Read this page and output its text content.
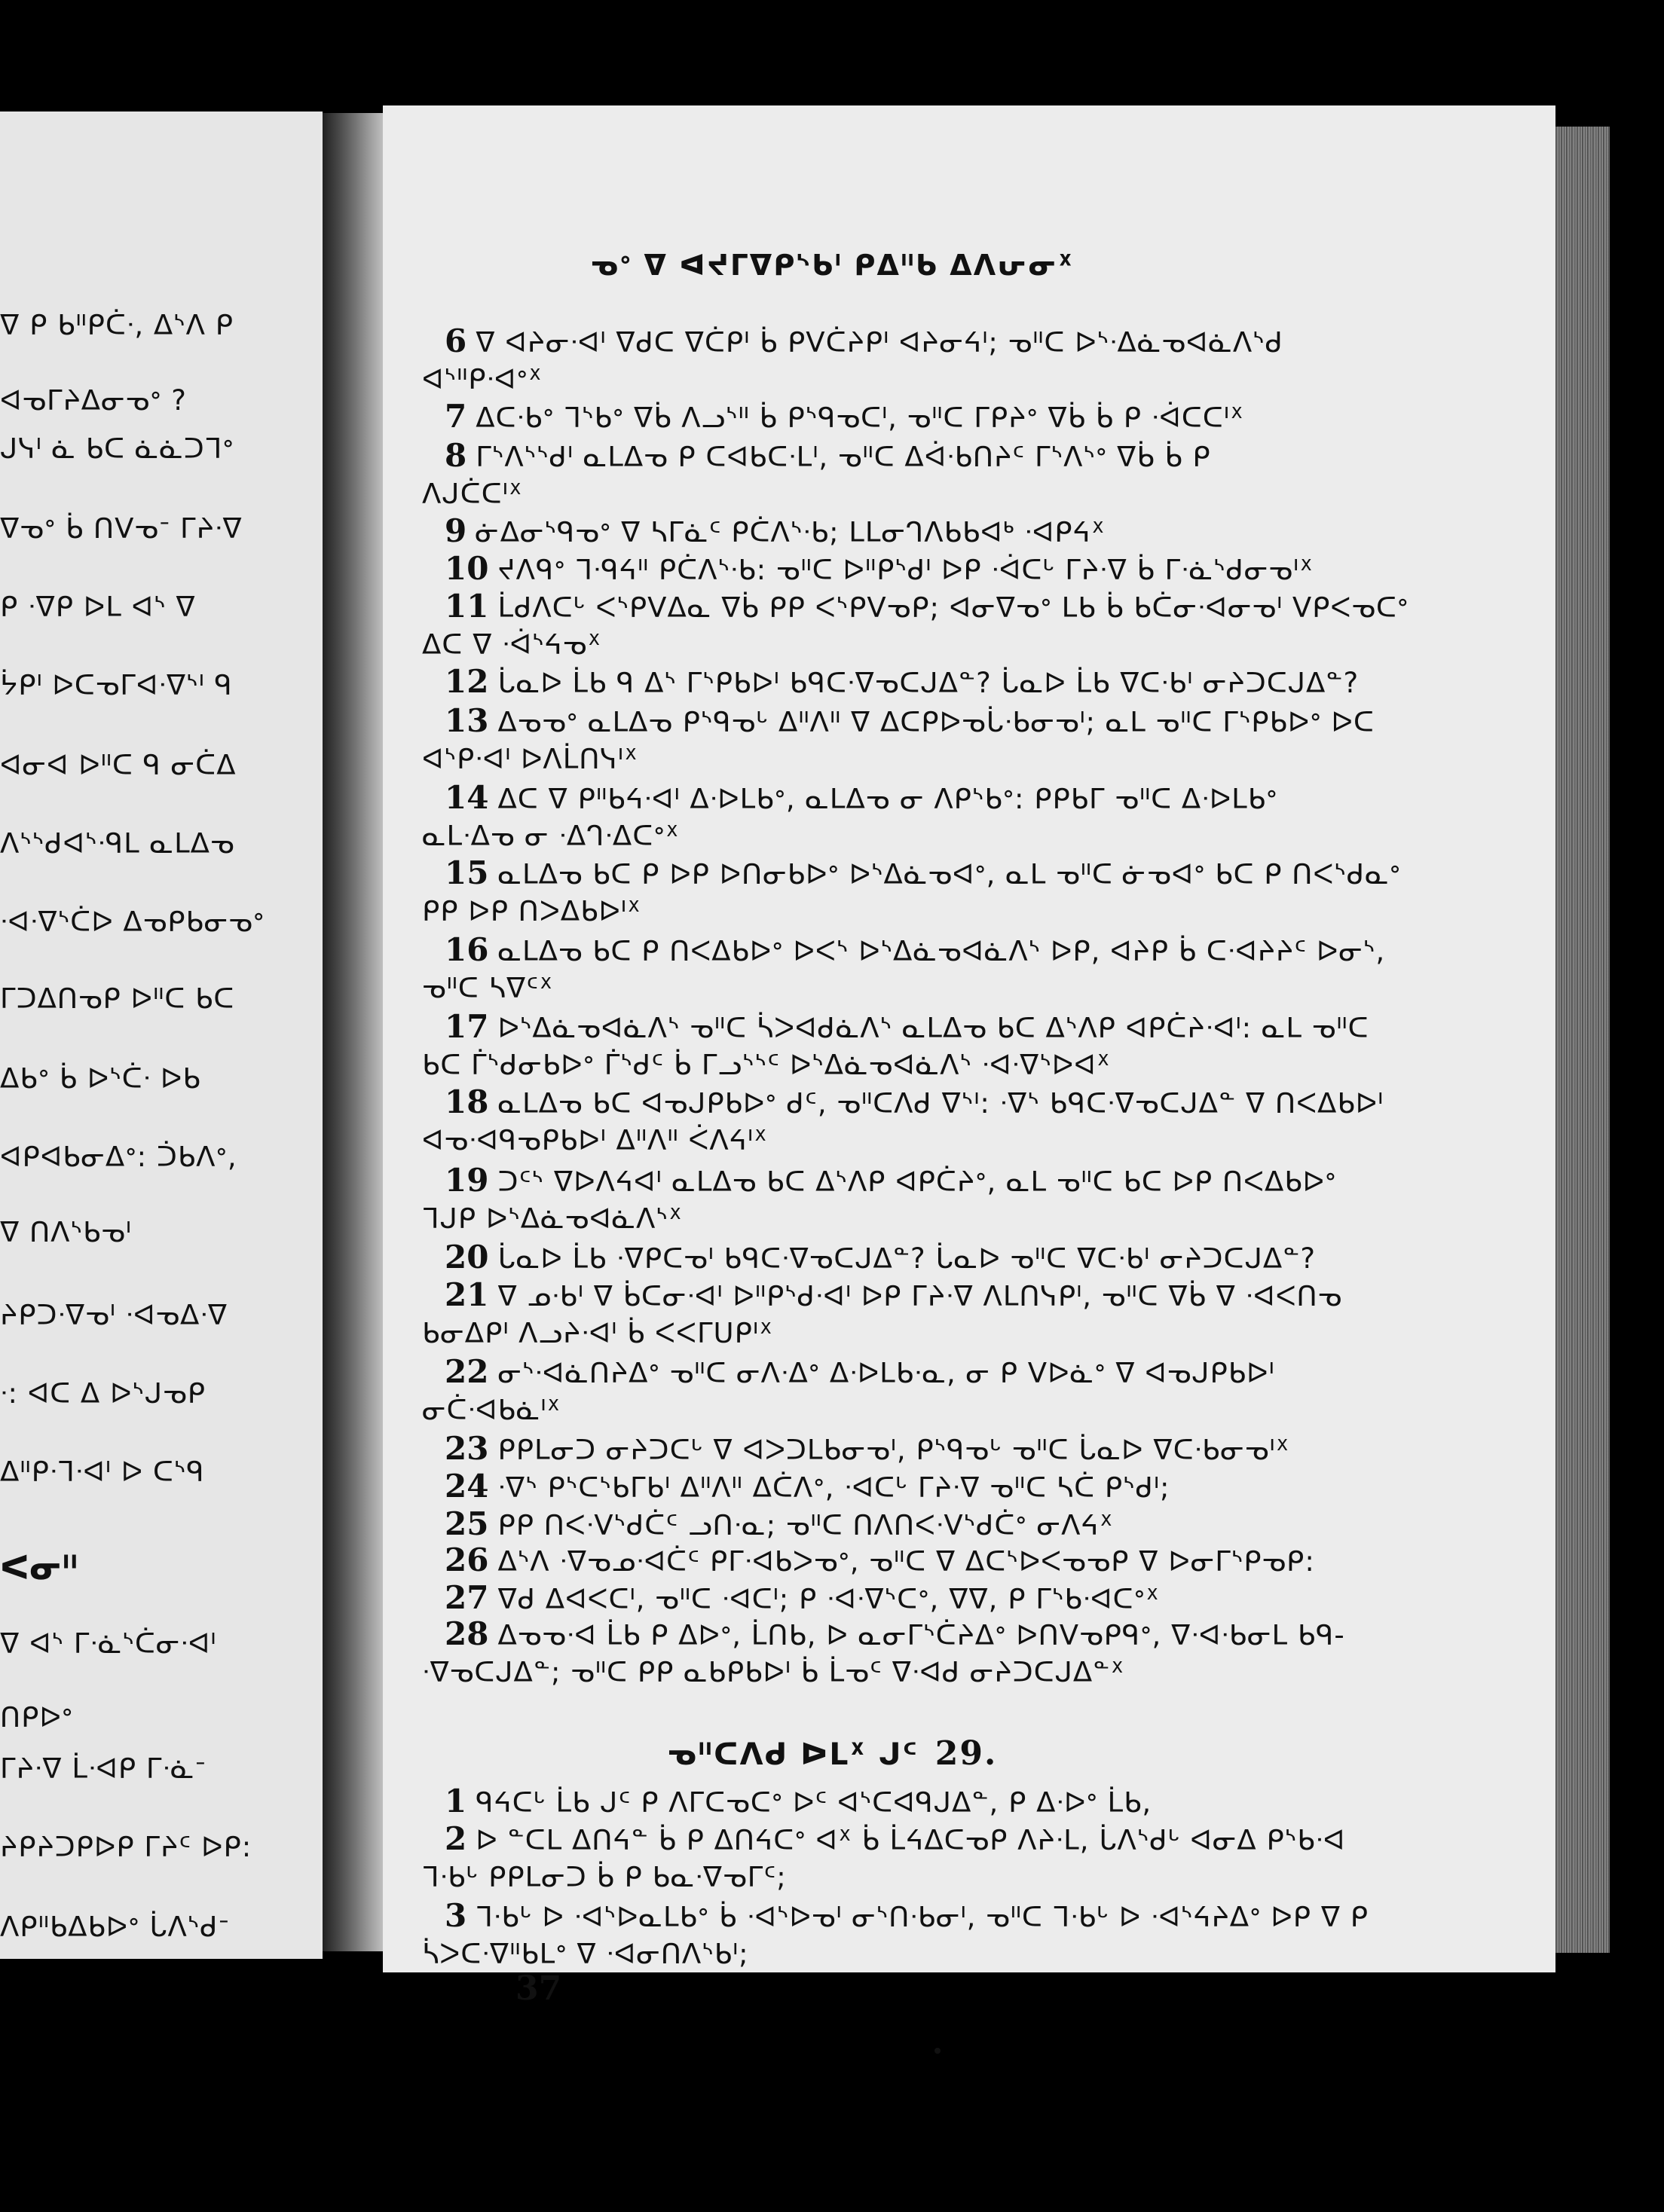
ᐁ ᑭ ᑲᐦᑭᑖᐧ, ᐃᔅᐱ ᑭ
ᐊᓀᒥᔨᐃᓂᓀᐤ ?
ᒍᓭᑊ ᓈ ᑲᑕ ᓈᓈᑐᒣᐤ
ᐁᓀᐤ ᑳ ᑎᐯᓀᐨ ᒥᔨᐧᐁ
ᑭ ᐧᐁᑭ ᐅᒪ ᐊᔅ ᐁ
ᔮᑭᑊ ᐅᑕᓀᒥᐊᐧᐁᔅᑊ ᑫ
ᐊᓂᐊ ᐅᐦᑕ ᑫ ᓂᑖᐃ
ᐱᔅᔅᑯᐊᔅᐧᑫᒪ ᓇᒪᐃᓀ
ᐧᐊᐧᐁᔅᑖᐅ ᐃᓀᑭᑲᓂᓀᐤ
ᒥᑐᐃᑎᓀᑭ ᐅᐦᑕ ᑲᑕ
ᐃᑲᐤ ᑳ ᐅᔅᑖᐧ ᐅᑲ
ᐊᑭᐊᑲᓂᐃᐤ: ᑑᑲᐱᐤ,
ᐁ ᑎᐱᔅᑲᓀᑊ
ᔨᑭᑐᐧᐁᓀᑊ ᐧᐊᓀᐃᐧᐁ
ᐧ: ᐊᑕ ᐃ ᐅᔅᒍᓀᑭ
ᐃᐦᑭᐧᒣᐧᐊᑊ ᐅ ᑕᔅᑫ
ᐸᓂᐦ
ᐁ ᐊᔅ ᒥᐧᓈᔅᑖᓂᐧᐊᑊ
ᑎᑭᐅᐤ
ᒥᔨᐧᐁ ᒫᐧᐊᑭ ᒥᐧᓈᐨ
ᔨᑭᔨᑐᑭᐅᑭ ᒥᔨᑦ ᐅᑭ:
ᐱᑭᐦᑲᐃᑲᐅᐤ ᒑᐱᔅᑯᐨ
ᓀᐤ ᐁ ᐊᔪᒥᐁᑭᔅᑲᑊ ᑭᐃᐦᑲ ᐃᐱᕂᓂᕽ
6 ᐁ ᐊᔨᓂᐧᐊᑊ ᐁᑯᑕ ᐁᑖᑭᑊ ᑳ ᑭᐯᑖᔨᑭᑊ ᐊᔨᓂᔦᑊ; ᓀᐦᑕ ᐅᔅᐧᐃᓈᓀᐊᓈᐱᔅᑯ
ᐊᔅᐦᑭᐧᐊᐤᕽ
7 ᐃᑕᐧᑲᐤ ᒣᔅᑲᐤ ᐁᑳ ᐱᓗᔅᐦ ᑳ ᑭᔅᑫᓀᑕᑊ, ᓀᐦᑕ ᒥᑭᔨᐤ ᐁᑳ ᑳ ᑭ ᐧᐋᑕᑕᑊᕽ
8 ᒥᔅᐱᔅᔅᑯᑊ ᓇᒪᐃᓀ ᑭ ᑕᐊᑲᑕᐧᒪᑊ, ᓀᐦᑕ ᐃᐋᐧᑲᑎᔨᑦ ᒥᔅᐱᔅᐤ ᐁᑳ ᑳ ᑭ
ᐱᒍᑖᑕᑊᕽ
9 ᓃᐃᓂᔅᑫᓀᐤ ᐁ ᓴᒥᓈᑦ ᑭᑖᐱᔅᐧᑲ; ᒪᒪᓂᒉᐱᑲᑲᐊᒃ ᐧᐊᑭᔦᕽ
10 ᔪᐱᑫᐤ ᒣᐧᑫᔦᐦ ᑭᑖᐱᔅᐧᑲ: ᓀᐦᑕ ᐅᐦᑭᔅᑯᑊ ᐅᑭ ᐧᐋᑕᒡ ᒥᔨᐧᐁ ᑳ ᒥᐧᓈᔅᑯᓂᓀᑊᕽ
11 ᒫᑯᐱᑕᒡ ᐸᔅᑭᐯᐃᓇ ᐁᑳ ᑭᑭ ᐸᔅᑭᐯᓀᑭ; ᐊᓂᐁᓀᐤ ᒪᑲ ᑳ ᑲᑖᓂᐧᐊᓂᓀᑊ ᐯᑭᐸᓀᑕᐤ
ᐃᑕ ᐁ ᐧᐋᔅᔦᓀᕽ
12 ᒑᓇᐅ ᒫᑲ ᑫ ᐃᔅ ᒥᔅᑭᑲᐅᑊ ᑲᑫᑕᐧᐁᓀᑕᒍᐃᓐ? ᒑᓇᐅ ᒫᑲ ᐁᑕᐧᑲᑊ ᓂᔨᑐᑕᒍᐃᓐ?
13 ᐃᓀᓀᐤ ᓇᒪᐃᓀ ᑭᔅᑫᓀᒡ ᐃᐦᐱᐦ ᐁ ᐃᑕᑭᐅᓀᒑᐧᑲᓂᓀᑊ; ᓇᒪ ᓀᐦᑕ ᒥᔅᑭᑲᐅᐤ ᐅᑕ
ᐊᔅᑭᐧᐊᑊ ᐅᐱᒫᑎᓭᑊᕽ
14 ᐃᑕ ᐁ ᑭᐦᑲᔦᐧᐊᑊ ᐃᐧᐅᒪᑲᐤ, ᓇᒪᐃᓀ ᓂ ᐱᑭᔅᑲᐤ: ᑭᑭᑲᒥ ᓀᐦᑕ ᐃᐧᐅᒪᑲᐤ
ᓇᒪᐧᐃᓀ ᓂ ᐧᐃᒉᐧᐃᑕᐤᕽ
15 ᓇᒪᐃᓀ ᑲᑕ ᑭ ᐅᑭ ᐅᑎᓂᑲᐅᐤ ᐅᔅᐃᓈᓀᐊᐤ, ᓇᒪ ᓀᐦᑕ ᓃᓀᐊᐤ ᑲᑕ ᑭ ᑎᐸᔅᑯᓇᐤ
ᑭᑭ ᐅᑭ ᑎᐳᐃᑲᐅᑊᕽ
16 ᓇᒪᐃᓀ ᑲᑕ ᑭ ᑎᐸᐃᑲᐅᐤ ᐅᐸᔅ ᐅᔅᐃᓈᓀᐊᓈᐱᔅ ᐅᑭ, ᐊᔨᑭ ᑳ ᑕᐧᐊᔨᔨᑦ ᐅᓂᔅ,
ᓀᐦᑕ ᓴᐁᑦᕽ
17 ᐅᔅᐃᓈᓀᐊᓈᐱᔅ ᓀᐦᑕ ᓵᐳᐊᑯᓈᐱᔅ ᓇᒪᐃᓀ ᑲᑕ ᐃᔅᐱᑭ ᐊᑭᑖᔨᐧᐊᑊ: ᓇᒪ ᓀᐦᑕ
ᑲᑕ ᒦᔅᑯᓂᑲᐅᐤ ᒦᔅᑯᑦ ᑳ ᒥᓗᔅᔅᑦ ᐅᔅᐃᓈᓀᐊᓈᐱᔅ ᐧᐊᐧᐁᔅᐅᐊᕽ
18 ᓇᒪᐃᓀ ᑲᑕ ᐊᓀᒍᑭᑲᐅᐤ ᑯᑦ, ᓀᐦᑕᐱᑯ ᐁᔅᑊ: ᐧᐁᔅ ᑲᑫᑕᐧᐁᓀᑕᒍᐃᓐ ᐁ ᑎᐸᐃᑲᐅᑊ
ᐊᓀᐧᐊᑫᓀᑭᑲᐅᑊ ᐃᐦᐱᐦ ᐹᐱᔦᑊᕽ
19 ᑐᑦᔅ ᐁᐅᐱᔦᐊᑊ ᓇᒪᐃᓀ ᑲᑕ ᐃᔅᐱᑭ ᐊᑭᑖᔨᐤ, ᓇᒪ ᓀᐦᑕ ᑲᑕ ᐅᑭ ᑎᐸᐃᑲᐅᐤ
ᒣᒍᑭ ᐅᔅᐃᓈᓀᐊᓈᐱᔅᕽ
20 ᒑᓇᐅ ᒫᑲ ᐧᐁᑭᑕᓀᑊ ᑲᑫᑕᐧᐁᓀᑕᒍᐃᓐ? ᒑᓇᐅ ᓀᐦᑕ ᐁᑕᐧᑲᑊ ᓂᔨᑐᑕᒍᐃᓐ?
21 ᐁ ᓄᐧᑲᑊ ᐁ ᑳᑕᓂᐧᐊᑊ ᐅᐦᑭᔅᑯᐧᐊᑊ ᐅᑭ ᒥᔨᐧᐁ ᐱᒪᑎᓭᑭᑊ, ᓀᐦᑕ ᐁᑳ ᐁ ᐧᐊᐸᑎᓀ
ᑲᓂᐃᑭᑊ ᐱᓗᔨᐧᐊᑊ ᑳ ᐸᐸᒥᑌᑭᑊᕽ
22 ᓂᔅᐧᐊᓈᑎᔨᐃᐤ ᓀᐦᑕ ᓂᐱᐧᐃᐤ ᐃᐧᐅᒪᑲᐧᓇ, ᓂ ᑭ ᐯᐅᓈᐤ ᐁ ᐊᓀᒍᑭᑲᐅᑊ
ᓂᑖᐧᐊᑲᓈᑊᕽ
23 ᑭᑭᒪᓂᑐ ᓂᔨᑐᑕᒡ ᐁ ᐊᐳᑐᒪᑲᓂᓀᑊ, ᑭᔅᑫᓀᒡ ᓀᐦᑕ ᒑᓇᐅ ᐁᑕᐧᑲᓂᓀᑊᕽ
24 ᐧᐁᔅ ᑭᔅᑕᔅᑲᒥᑲᑊ ᐃᐦᐱᐦ ᐃᑖᐱᐤ, ᐧᐊᑕᒡ ᒥᔨᐧᐁ ᓀᐦᑕ ᓴᑖ ᑭᔅᑯᑊ;
25 ᑭᑭ ᑎᐸᐧᐯᔅᑯᑖᑦ ᓗᑎᐧᓇ; ᓀᐦᑕ ᑎᐱᑎᐸᐧᐯᔅᑯᑖᐤ ᓂᐱᔦᕽ
26 ᐃᔅᐱ ᐧᐁᓀᓄᐧᐊᑖᑦ ᑭᒥᐧᐊᑲᐳᓀᐤ, ᓀᐦᑕ ᐁ ᐃᑕᔅᐅᐸᓀᓀᑭ ᐁ ᐅᓂᒥᔅᑭᓀᑭ:
27 ᐁᑯ ᐃᐊᐸᑕᑊ, ᓀᐦᑕ ᐧᐊᑕᑊ; ᑭ ᐧᐊᐧᐁᔅᑕᐤ, ᐁᐁ, ᑭ ᒥᔅᑲᐧᐊᑕᐤᕽ
28 ᐃᓀᓀᐧᐊ ᒫᑲ ᑭ ᐃᐅᐤ, ᒫᑎᑲ, ᐅ ᓇᓂᒥᔅᑖᔨᐃᐤ ᐅᑎᐯᓀᑭᑫᐤ, ᐁᐧᐊᐧᑲᓂᒪ ᑲᑫ-
ᐧᐁᓀᑕᒍᐃᓐ; ᓀᐦᑕ ᑭᑭ ᓇᑲᑭᑲᐅᑊ ᑳ ᒫᓀᑦ ᐁᐧᐊᑯ ᓂᔨᑐᑕᒍᐃᓐᕽ
ᓀᐦᑕᐱᑯ ᐅᒪᕽ ᒍᑦ 29.
1 ᑫᔦᑕᒡ ᒫᑲ ᒍᑦ ᑭ ᐱᒥᑕᓀᑕᐤ ᐅᑦ ᐊᔅᑕᐊᑫᒍᐃᓐ, ᑭ ᐃᐧᐅᐤ ᒫᑲ,
2 ᐅ ᓐᑕᒪ ᐃᑎᔦᓐ ᑳ ᑭ ᐃᑎᔦᑕᐤ ᐊᕽ ᑳ ᒫᔦᐃᑕᓀᑭ ᐱᔨᐧᒪ, ᒑᐱᔅᑯᒡ ᐊᓂᐃ ᑭᔅᑲᐧᐊ
ᒣᐧᑲᒡ ᑭᑭᒪᓂᑐ ᑳ ᑭ ᑲᓇᐧᐁᓀᒥᑦ;
3 ᒣᐧᑲᒡ ᐅ ᐧᐊᔅᐅᓇᒪᑲᐤ ᑳ ᐧᐊᔅᐅᓀᑊ ᓂᔅᑎᐧᑲᓂᑊ, ᓀᐦᑕ ᒣᐧᑲᒡ ᐅ ᐧᐊᔅᔦᔨᐃᐤ ᐅᑭ ᐁ ᑭ
ᓵᐳᑕᐧᐁᐦᑲᒪᐤ ᐁ ᐧᐊᓂᑎᐱᔅᑲᑊ;
37
